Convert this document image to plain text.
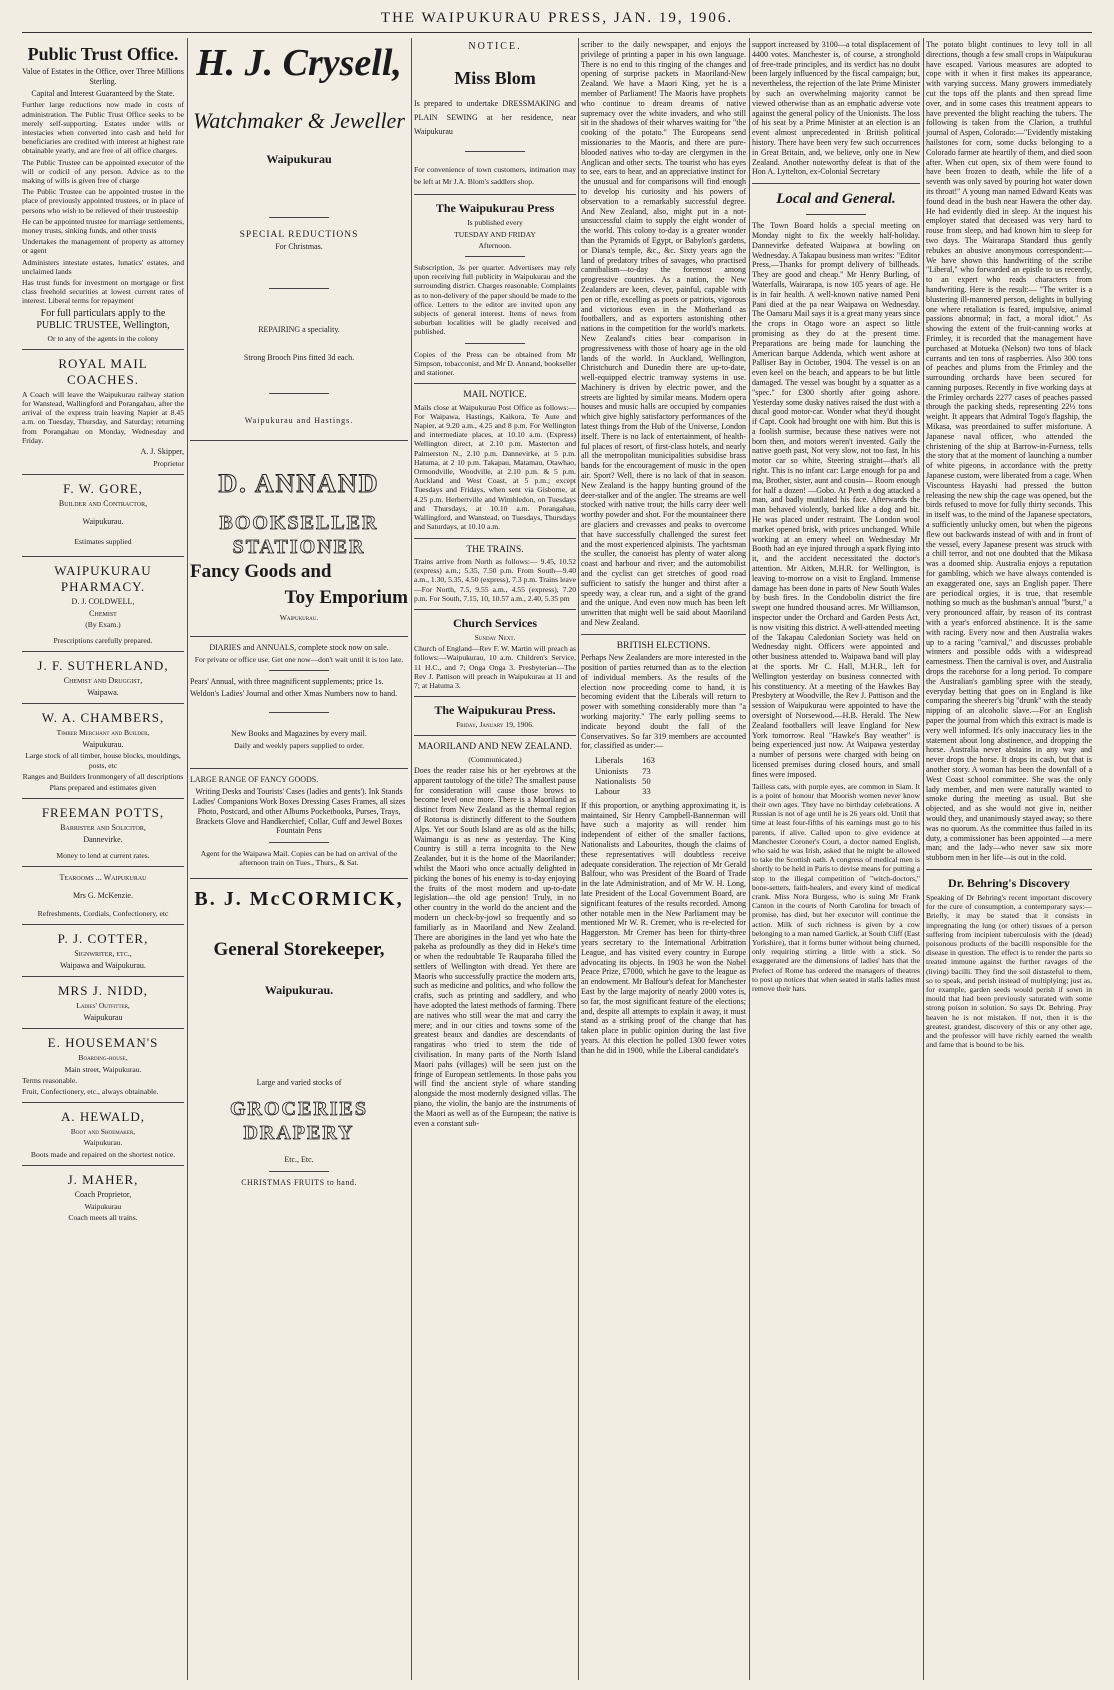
THE WAIPUKURAU PRESS, JAN. 19, 1906.
Public Trust Office.

Value of Estates in the Office, over Three Millions Sterling.

Capital and Interest Guaranteed by the State.

Further large reductions now made in costs of administration. The Public Trust Office seeks to be merely self-supporting. Estates under wills or intestacies when converted into cash and held for beneficiaries are credited with interest at highest rate obtainable yearly, and are free of all office charges.

The Public Trustee can be appointed executor of the will or codicil of any person. Advice as to the making of wills is given free of charge

The Public Trustee can be appointed trustee in the place of previously appointed trustees, or in place of persons who wish to be relieved of their trusteeship

He can be appointed trustee for marriage settlements, money trusts, sinking funds, and other trusts

Undertakes the management of property as attorney or agent

Administers intestate estates, lunatics' estates, and unclaimed lands

Has trust funds for investment on mortgage or first class freehold securities at lowest current rates of interest. Liberal terms for repayment

For full particulars apply to the PUBLIC TRUSTEE, Wellington,

Or to any of the agents in the colony

ROYAL MAIL COACHES.

A Coach will leave the Waipukurau railway station for Wanstead, Wallingford and Porangahau, after the arrival of the express train leaving Napier at 8.45 a.m. on Tuesday, Thursday, and Saturday; returning from Porangahau on Monday, Wednesday and Friday.

A. J. Skipper,

Proprietor

F. W. GORE,

Builder and Contractor,

Waipukurau.

Estimates supplied

WAIPUKURAU PHARMACY.

D. J. COLDWELL,

Chemist

(By Exam.)

Prescriptions carefully prepared.

J. F. SUTHERLAND,

Chemist and Druggist,

Waipawa.

W. A. CHAMBERS,

Timber Merchant and Builder,

Waipukurau.

Large stock of all timber, house blocks, mouldings, posts, etc

Ranges and Builders Ironmongery of all descriptions

Plans prepared and estimates given

FREEMAN POTTS,

Barrister and Solicitor,

Dannevirke.

Money to lend at current rates.

Tearooms ... Waipukurau

Mrs G. McKenzie.

Refreshments, Cordials, Confectionery, etc

P. J. COTTER,

Signwriter, etc.,

Waipawa and Waipukurau.

MRS J. NIDD,

Ladies' Outfitter,

Waipukurau

E. HOUSEMAN'S

Boarding-house,

Main street, Waipukurau.

Terms reasonable.

Fruit, Confectionery, etc., always obtainable.

A. HEWALD,

Boot and Shoemaker,

Waipukurau.

Boots made and repaired on the shortest notice.

J. MAHER,

Coach Proprietor,

Waipukurau

Coach meets all trains.

H. J. Crysell,
Watchmaker & Jeweller
Waipukurau

SPECIAL REDUCTIONS

For Christmas.

REPAIRING a speciality.

Strong Brooch Pins fitted 3d each.

Waipukurau and Hastings.

D. ANNAND
BOOKSELLER
STATIONER
Fancy Goods and
Toy Emporium

Waipukurau.

DIARIES and ANNUALS, complete stock now on sale.

For private or office use. Get one now—don't wait until it is too late.

Pears' Annual, with three magnificent supplements; price 1s.

Weldon's Ladies' Journal and other Xmas Numbers now to hand.

New Books and Magazines by every mail.

Daily and weekly papers supplied to order.

LARGE RANGE OF FANCY GOODS.

Writing Desks and Tourists' Cases (ladies and gents'). Ink Stands Ladies' Companions Work Boxes Dressing Cases Frames, all sizes Photo, Postcard, and other Albums Pocketbooks, Purses, Trays, Brackets Glove and Handkerchief, Collar, Cuff and Jewel Boxes Fountain Pens

Agent for the Waipawa Mail. Copies can be had on arrival of the afternoon train on Tues., Thurs., & Sat.

B. J. McCORMICK,
General Storekeeper,
Waipukurau.

Large and varied stocks of

GROCERIES
DRAPERY

Etc., Etc.

CHRISTMAS FRUITS to hand.

NOTICE.

Miss Blom

Is prepared to undertake DRESSMAKING and PLAIN SEWING at her residence, near Waipukurau

For convenience of town customers, intimation may be left at Mr J.A. Blom's saddlers shop.

The Waipukurau Press

Is published every

TUESDAY AND FRIDAY

Afternoon.

Subscription, 3s per quarter. Advertisers may rely upon receiving full publicity in Waipukurau and the surrounding district. Charges reasonable. Complaints as to non-delivery of the paper should be made to the office. Letters to the editor are invited upon any subjects of general interest. Items of news from suburban localities will be gladly received and published.

Copies of the Press can be obtained from Mr Simpson, tobacconist, and Mr D. Annand, bookseller and stationer.

MAIL NOTICE.

Mails close at Waipukurau Post Office as follows:— For Waipawa, Hastings, Kaikora, Te Aute and Napier, at 9.20 a.m., 4.25 and 8 p.m. For Wellington and intermediate places, at 10.10 a.m. (Express) Wellington direct, at 2.10 p.m. Masterton and Palmerston N., 2.10 p.m. Dannevirke, at 5 p.m. Hatuma, at 2 10 p.m. Takapau, Matamau, Otawhao, Ormondville, Woodville, at 2.10 p.m. & 5 p.m. Auckland and West Coast, at 5 p.m.; except Tuesdays and Fridays, when sent via Gisborne, at 4.25 p.m. Herbertville and Wimbledon, on Tuesdays and Thursdays, at 10.10 a.m. Porangahau, Wallingford, and Wanstead, on Tuesdays, Thursdays and Saturdays, at 10.10 a.m.

THE TRAINS.

Trains arrive from North as follows:— 9.45, 10.52 (express) a.m.; 5.35, 7.50 p.m. From South—9.40 a.m., 1.30, 5.35, 4.50 (express), 7.3 p.m. Trains leave—For North, 7.5, 9.55 a.m., 4.55 (express), 7.20 p.m. For South, 7.15, 10, 10.57 a.m., 2.40, 5.35 pm

Church Services

Sunday Next.

Church of England—Rev F. W. Martin will preach as follows:—Waipukurau, 10 a.m. Children's Service, 11 H.C., and 7; Onga Onga 3. Presbyterian—The Rev J. Pattison will preach in Waipukurau at 11 and 7; at Hatuma 3.

The Waipukurau Press.

Friday, January 19, 1906.

MAORILAND AND NEW ZEALAND.

(Communicated.)

Does the reader raise his or her eyebrows at the apparent tautology of the title? The smallest pause for consideration will cause those brows to become level once more. There is a Maoriland as distinct from New Zealand as the thermal region of Rotorua is distinctly different to the Southern Alps. Yet our South Island are as old as the hills; Waimangu is as new as yesterday. The King Country is still a terra incognita to the New Zealander, but it is the home of the Maorilander; whilst the Maori who once actually delighted in picking the bones of his enemy is to-day enjoying the fruits of the most modern and up-to-date legislation—the old age pension! Truly, in no other country in the world do the ancient and the modern un check-by-jowl so frequently and so familiarly as in Maoriland and New Zealand. There are aborigines in the land yet who hate the pakeha as profoundly as they did in Heke's time or when the redoubtable Te Rauparaha filled the settlers of Wellington with dread. Yet there are Maoris who successfully practice the modern arts, such as medicine and politics, and who follow the crafts, such as printing and saddlery, and who have adopted the latest methods of farming. There are natives who still wear the mat and carry the mere; and in our cities and towns some of the greatest beaux and dandies are descendants of rangatiras who tried to stem the tide of civilisation. In many parts of the North Island Maori pahs (villages) will be seen just on the fringe of European settlements. In those pahs you will find the ancient style of whare standing alongside the most modernly designed villas. The piano, the violin, the banjo are the instruments of the Maori as well as of the European; the native is even a constant sub-

scriber to the daily newspaper, and enjoys the privilege of printing a paper in his own language. There is no end to this ringing of the changes and opening of surprise packets in Maoriland-New Zealand. We have a Maori King, yet he is a member of Parliament! The Maoris have prophets who continue to dream dreams of native supremacy over the white invaders, and who still sit in the shadows of their wharves waiting for "the cooking of the potato." The Europeans send missionaries to the Maoris, and there are pure-blooded natives who to-day are clergymen in the Anglican and other sects. The tourist who has eyes to see, ears to hear, and an appreciative instinct for the unusual and for comparisons will find enough to develop his curiosity and his powers of observation to a remarkably successful degree. And New Zealand, also, might put in a not-unsuccessful claim to supply the eight wonder of the world. This colony to-day is a greater wonder than the Pyramids of Egypt, or Babylon's gardens, or Diana's temple, &c., &c. Sixty years ago the land of predatory tribes of savages, who practised cannibalism—to-day the foremost among progressive countries. As a nation, the New Zealanders are keen, clever, painful, capable with pen or rifle, excelling as poets or patriots, vigorous and victorious even in the Motherland as footballers, and as exporters astonishing other nations in the competition for the world's markets. New Zealand's cities bear comparison in progressiveness with those of hoary age in the old lands of the world. In Auckland, Wellington, Christchurch and Dunedin there are up-to-date, well-equipped electric tramway systems in use. Machinery is driven by electric power, and the streets are lighted by similar means. Modern opera houses and music halls are occupied by companies which give highly satisfactory performances of the latest things from the Hub of the Universe, London itself. There is no lack of entertainment, of health-ful places of resort, of first-class hotels, and nearly all the metropolitan municipalities subsidise brass bands for the encouragement of music in the open air. Sport? Well, there is no lack of that in season. New Zealand is the happy hunting ground of the deer-stalker and of the angler. The streams are well stocked with native trout; the hills carry deer well worthy powder and shot. For the mountaineer there are glaciers and crevasses and peaks to overcome that have successfully challenged the surest feet and the most experienced alpinists. The yachtsman the sculler, the canoeist has plenty of water along coast and harbour and river; and the automobilist and the cyclist can get stretches of good road sufficient to satisfy the hunger and thirst after a speedy way, a clear run, and a sight of the grand and the unique. And even now much has been left unwritten that might well be said about Maoriland and New Zealand.

BRITISH ELECTIONS.

Perhaps New Zealanders are more interested in the position of parties returned than as to the election of individual members. As the results of the election now proceeding come to hand, it is becoming evident that the Liberals will return to power with something considerably more than "a working majority." The early polling seems to indicate beyond doubt the fall of the Conservatives. So far 319 members are accounted for, classified as under:—

Liberals	163
Unionists	73
Nationalists	50
Labour	33

If this proportion, or anything approximating it, is maintained, Sir Henry Campbell-Bannerman will have such a majority as will render him independent of either of the smaller factions, Nationalists and Labourites, though the claims of these representatives will doubtless receive adequate consideration. The rejection of Mr Gerald Balfour, who was President of the Board of Trade in the late Administration, and of Mr W. H. Long, late President of the Local Government Board, are significant features of the results recorded. Among other notable men in the New Parliament may be mentioned Mr W. R. Cremer, who is re-elected for Haggerston. Mr Cremer has been for thirty-three years secretary to the International Arbitration League, and has visited every country in Europe advocating its objects. In 1903 he won the Nobel Peace Prize, £7000, which he gave to the league as an endowment. Mr Balfour's defeat for Manchester East by the large majority of nearly 2000 votes is, so far, the most significant feature of the elections; and, despite all attempts to explain it away, it must stand as a striking proof of the change that has taken place in public opinion during the last five years. At this election he polled 1300 fewer votes than he did in 1900, while the Liberal candidate's

support increased by 3100—a total displacement of 4400 votes. Manchester is, of course, a stronghold of free-trade principles, and its verdict has no doubt been largely influenced by the fiscal campaign; but, nevertheless, the rejection of the late Prime Minister by such an overwhelming majority cannot be viewed otherwise than as an emphatic adverse vote against the general policy of the Unionists. The loss of his seat by a Prime Minister at an election is an event almost unprecedented in British political history. There have been very few such occurrences in Great Britain, and, we believe, only one in New Zealand. Another noteworthy defeat is that of the Hon A. Lyttelton, ex-Colonial Secretary

Local and General.

The Town Board holds a special meeting on Monday night to fix the weekly half-holiday. Dannevirke defeated Waipawa at bowling on Wednesday. A Takapau business man writes: "Editor Press,—Thanks for prompt delivery of billheads. They are good and cheap." Mr Henry Burling, of Waterfalls, Wairarapa, is now 105 years of age. He is in fair health. A well-known native named Peni Pani died at the pa near Waipawa on Wednesday. The Oamaru Mail says it is a great many years since the crops in Otago wore an aspect so little promising as they do at the present time. Preparations are being made for launching the American barque Addenda, which went ashore at Palliser Bay in October, 1904. The vessel is on an even keel on the beach, and appears to be but little damaged. The vessel was bought by a squatter as a "spec." for £300 shortly after going ashore. Yesterday some dusky natives raised the dust with a ducal good motor-car. Wonder what they'd thought if Capt. Cook had brought one with him. But this is a foolish surmise, because these natives were not born then, and motors weren't invented. Gaily the native goeth past, Not very slow, not too fast, In his motor car so white, Steering straight—that's all right. This is no infant car: Large enough for pa and ma, Brother, sister, aunt and cousin— Room enough for half a dozen! —Gobo. At Perth a dog attacked a man, and badly mutilated his face. Afterwards the man behaved violently, barked like a dog and bit. He was placed under restraint. The London wool market opened brisk, with prices unchanged. While working at an emery wheel on Wednesday Mr Booth had an eye injured through a spark flying into it, and the accident necessitated the doctor's attention. Mr Aitken, M.H.R. for Wellington, is leaving to-morrow on a visit to England. Immense damage has been done in parts of New South Wales by bush fires. In the Condobolin district the fire swept one hundred thousand acres. Mr Williamson, inspector under the Orchard and Garden Pests Act, is now visiting this district. A well-attended meeting of the Takapau Caledonian Society was held on Wednesday night. Officers were appointed and other business attended to. Waipawa band will play at the sports. Mr C. Hall, M.H.R., left for Wellington yesterday on business connected with his constituency. At a meeting of the Hawkes Bay Presbytery at Woodville, the Rev J. Pattison and the session of Waipukurau were appointed to have the oversight of Norsewood.—H.B. Herald. The New Zealand footballers will leave England for New York tomorrow. Real "Hawke's Bay weather" is being experienced just now. At Waipawa yesterday a number of persons were charged with being on licensed premises during closed hours, and small fines were imposed.

Tailless cats, with purple eyes, are common in Siam. It is a point of honour that Moorish women never know their own ages. They have no birthday celebrations. A Russian is not of age until he is 26 years old. Until that time at least four-fifths of his earnings must go to his parents, if alive. Called upon to give evidence at Manchester Coroner's Court, a doctor named English, who said he was Irish, asked that he might be allowed to take the Scottish oath. A congress of medical men is shortly to be held in Paris to devise means for putting a stop to the illegal competition of "witch-doctors," bone-setters, faith-healers, and every kind of medical crank. Miss Nora Burgess, who is suing Mr Frank Canton in the courts of North Carolina for breach of promise, has died, but her executor will continue the action. Milk of such richness is given by a cow belonging to a man named Garlick, at South Cliff (East Yorkshire), that it forms butter without being churned, only requiring stirring a little with a stick. So exaggerated are the dimensions of ladies' hats that the Prefect of Rome has ordered the managers of theatres to post up notices that when seated in stalls ladies must remove their hats.

The potato blight continues to levy toll in all directions, though a few small crops in Waipukurau have escaped. Various measures are adopted to cope with it when it first makes its appearance, with varying success. Many growers immediately cut the tops off the plants and then spread lime over, and in some cases this treatment appears to have prevented the blight reaching the tubers. The following is taken from the Clarion, a truthful journal of Aspen, Colorado:—"Evidently mistaking hailstones for corn, some ducks belonging to a Colorado farmer ate heartily of them, and died soon after. When cut open, six of them were found to have been frozen to death, while the life of a seventh was only saved by pouring hot water down its throat!" A young man named Edward Keats was found dead in the bush near Hawera the other day. He had evidently died in sleep. At the inquest his employer stated that deceased was very hard to rouse from sleep, and had known him to sleep for two days. The Wairarapa Standard thus gently rebukes an abusive anonymous correspondent:—We have shown this handwriting of the scribe "Liberal," who forwarded an epistle to us recently, to an expert who reads characters from handwriting. Here is the result:— "The writer is a blustering ill-mannered person, delights in bullying one where retaliation is feared, impulsive, animal passions abnormal; in fact, a moral idiot." As showing the extent of the fruit-canning works at Frimley, it is recorded that the management have purchased at Motueka (Nelson) two tons of black currants and ten tons of raspberries. Also 300 tons of peaches and plums from the Frimley and the surrounding orchards have been secured for canning purposes. Recently in five working days at the Frimley orchards 2277 cases of peaches passed through the packing sheds, representing 22½ tons weight. It appears that Admiral Togo's flagship, the Mikasa, was preordained to suffer misfortune. A Japanese naval officer, who attended the christening of the ship at Barrow-in-Furness, tells the story that at the moment of launching a number of white pigeons, in accordance with the pretty Japanese custom, were liberated from a cage. When Viscountess Hayashi had pressed the button releasing the new ship the cage was opened, but the birds refused to move for fully thirty seconds. This in itself was, to the mind of the Japanese spectators, a sufficiently unlucky omen, but when the pigeons flew out backwards instead of with and in front of the vessel, every Japanese present was struck with a chill terror, and not one doubted that the Mikasa was a doomed ship. Australia enjoys a reputation for gambling, which we have always contended is an exaggerated one, says an English paper. There are periodical orgies, it is true, that resemble nothing so much as the bushman's annual "burst," a very pronounced affair, by reason of its contrast with a year's enforced abstinence. It is the same with racing. Every now and then Australia wakes up to a racing "carnival," and discusses probable winners and possible odds with a widespread earnestness. Then the carnival is over, and Australia drops the racehorse for a long period. To compare the Australian's gambling spree with the steady, everyday betting that goes on in England is like comparing the sheerer's big "drunk" with the steady nipping of an alcoholic slave.—For an English paper the journal from which this extract is made is very well informed. It's only inaccuracy lies in the statement about long abstinence, and dropping the horse. Australia never abstains in any way and never drops the horse. It drops its cash, but that is another story. A woman has been the downfall of a West Coast school committee. She was the only lady member, and men were naturally wanted to smoke during the meeting as usual. But she objected, and as she would not give in, neither would they, and unanimously stayed away; so there was no quorum. As the committee thus failed in its duty, a commissioner has been appointed —a mere man; and the lady—who never saw six more stubborn men in her life—is out in the cold.

Dr. Behring's Discovery

Speaking of Dr Behring's recent important discovery for the cure of consumption, a contemporary says:— Briefly, it may be stated that it consists in impregnating the lung (or other) tissues of a person suffering from incipient tuberculosis with the (dead) poisonous products of the bacilli responsible for the disease in question. The effect is to render the parts so treated immune against the further ravages of the (living) bacilli. They find the soil distasteful to them, so to speak, and perish instead of multiplying; just as, for example, garden seeds would perish if sown in mould that had been previously saturated with some strong poison in solution. So says Dr. Behring. Pray heaven he is not mistaken. If not, then it is the greatest, grandest, discovery of this or any other age, and the professor will have richly earned the wealth and fame that is bound to be his.
